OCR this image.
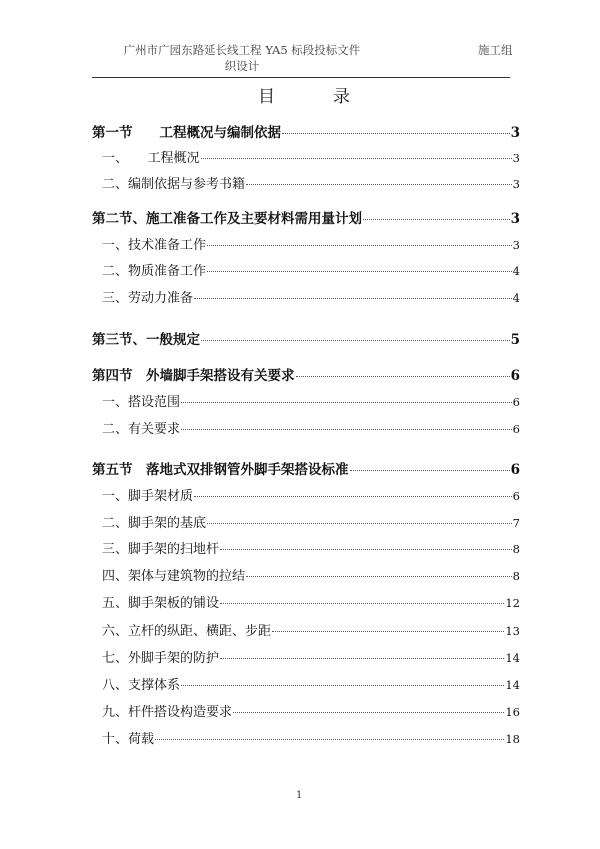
广州市广园东路延长线工程 YA5 标段投标文件
织设计
施工组
目	录
第一节　　工程概况与编制依据	3
一、　　工程概况	3
二、编制依据与参考书籍	3
第二节、施工准备工作及主要材料需用量计划	3
一、技术准备工作	3
二、物质准备工作	4
三、劳动力准备	4
第三节、一般规定	5
第四节　外墙脚手架搭设有关要求	6
一、搭设范围	6
二、有关要求	6
第五节　落地式双排钢管外脚手架搭设标准	6
一、脚手架材质	6
二、脚手架的基底	7
三、脚手架的扫地杆	8
四、架体与建筑物的拉结	8
五、脚手架板的铺设	12
六、立杆的纵距、横距、步距	13
七、外脚手架的防护	14
八、支撑体系	14
九、杆件搭设构造要求	16
十、荷载	18
1
